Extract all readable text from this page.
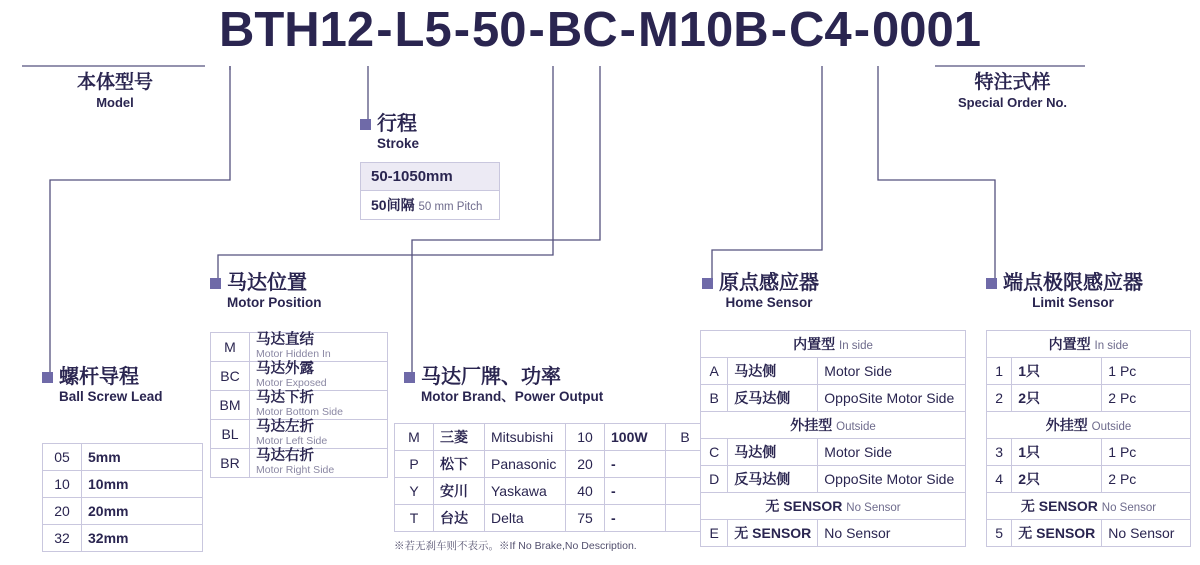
BTH12-L5-50-BC-M10B-C4-0001
本体型号
Model
特注式样
Special Order No.
行程
Stroke
马达位置
Motor Position
马达厂牌、功率
Motor Brand、Power Output
螺杆导程
Ball Screw Lead
原点感应器
Home Sensor
端点极限感应器
Limit Sensor
50-1050mm
50间隔 50 mm Pitch
05	5mm
10	10mm
20	20mm
32	32mm
M	马达直结
Motor Hidden In

BC	马达外露
Motor Exposed

BM	马达下折
Motor Bottom Side

BL	马达左折
Motor Left Side

BR	马达右折
Motor Right Side
M	三菱	Mitsubishi	10	100W	B
P	松下	Panasonic	20	-	
Y	安川	Yaskawa	40	-	
T	台达	Delta	75	-	
※若无刹车则不表示。※If No Brake,No Description.
内置型 In side		
A	马达侧	Motor Side
B	反马达侧	OppoSite Motor Side
外挂型 Outside		
C	马达侧	Motor Side
D	反马达侧	OppoSite Motor Side
无 SENSOR No Sensor		
E	无 SENSOR	No Sensor
内置型 In side		
1	1只	1 Pc
2	2只	2 Pc
外挂型 Outside		
3	1只	1 Pc
4	2只	2 Pc
无 SENSOR No Sensor		
5	无 SENSOR	No Sensor
